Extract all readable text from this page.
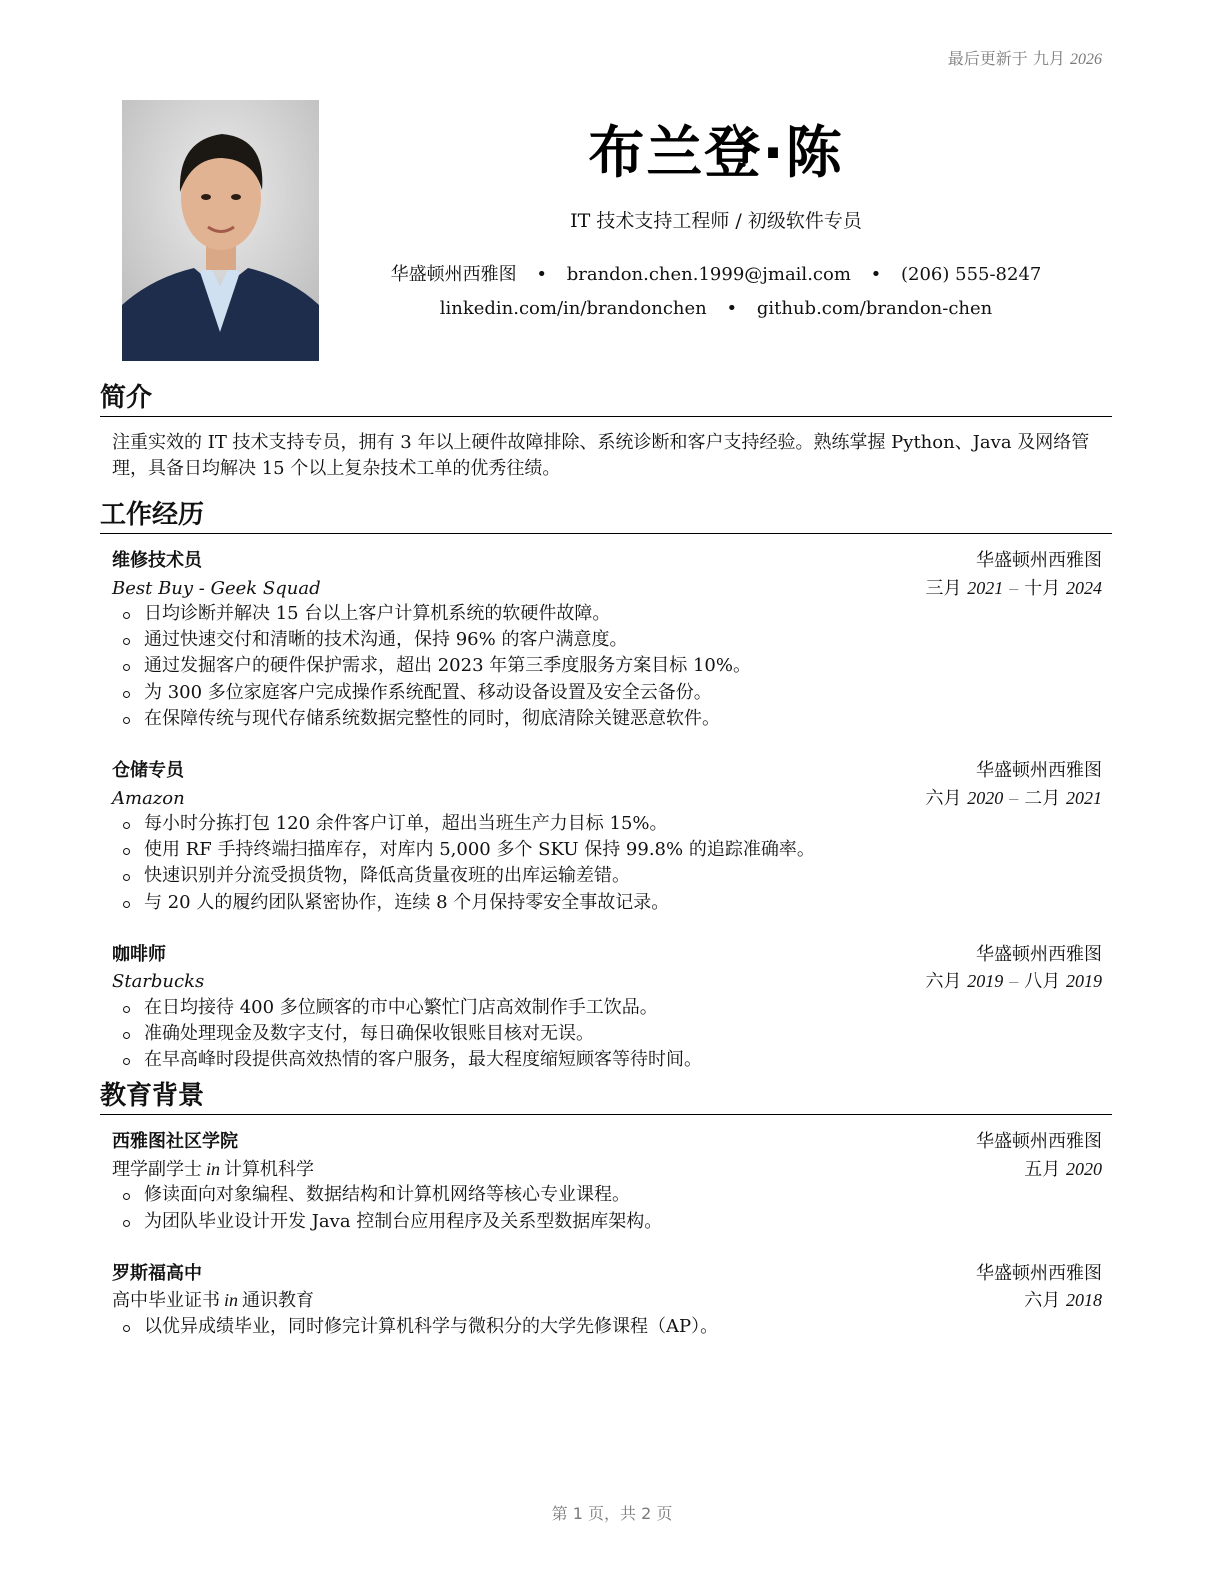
最后更新于 九月 2026
布兰登·陈
IT 技术支持工程师 / 初级软件专员
华盛顿州西雅图 • brandon.chen.1999@jmail.com • (206) 555-8247
linkedin.com/in/brandonchen • github.com/brandon-chen
简介

注重实效的 IT 技术支持专员，拥有 3 年以上硬件故障排除、系统诊断和客户支持经验。熟练掌握 Python、Java 及网络管理，具备日均解决 15 个以上复杂技术工单的优秀往绩。

工作经历
维修技术员	华盛顿州西雅图
Best Buy - Geek Squad	三月 2021 – 十月 2024
日均诊断并解决 15 台以上客户计算机系统的软硬件故障。
通过快速交付和清晰的技术沟通，保持 96% 的客户满意度。
通过发掘客户的硬件保护需求，超出 2023 年第三季度服务方案目标 10%。
为 300 多位家庭客户完成操作系统配置、移动设备设置及安全云备份。
在保障传统与现代存储系统数据完整性的同时，彻底清除关键恶意软件。
仓储专员	华盛顿州西雅图
Amazon	六月 2020 – 二月 2021
每小时分拣打包 120 余件客户订单，超出当班生产力目标 15%。
使用 RF 手持终端扫描库存，对库内 5,000 多个 SKU 保持 99.8% 的追踪准确率。
快速识别并分流受损货物，降低高货量夜班的出库运输差错。
与 20 人的履约团队紧密协作，连续 8 个月保持零安全事故记录。
咖啡师	华盛顿州西雅图
Starbucks	六月 2019 – 八月 2019
在日均接待 400 多位顾客的市中心繁忙门店高效制作手工饮品。
准确处理现金及数字支付，每日确保收银账目核对无误。
在早高峰时段提供高效热情的客户服务，最大程度缩短顾客等待时间。
教育背景
西雅图社区学院	华盛顿州西雅图
理学副学士 in 计算机科学	五月 2020
修读面向对象编程、数据结构和计算机网络等核心专业课程。
为团队毕业设计开发 Java 控制台应用程序及关系型数据库架构。
罗斯福高中	华盛顿州西雅图
高中毕业证书 in 通识教育	六月 2018
以优异成绩毕业，同时修完计算机科学与微积分的大学先修课程（AP）。
第 1 页，共 2 页
